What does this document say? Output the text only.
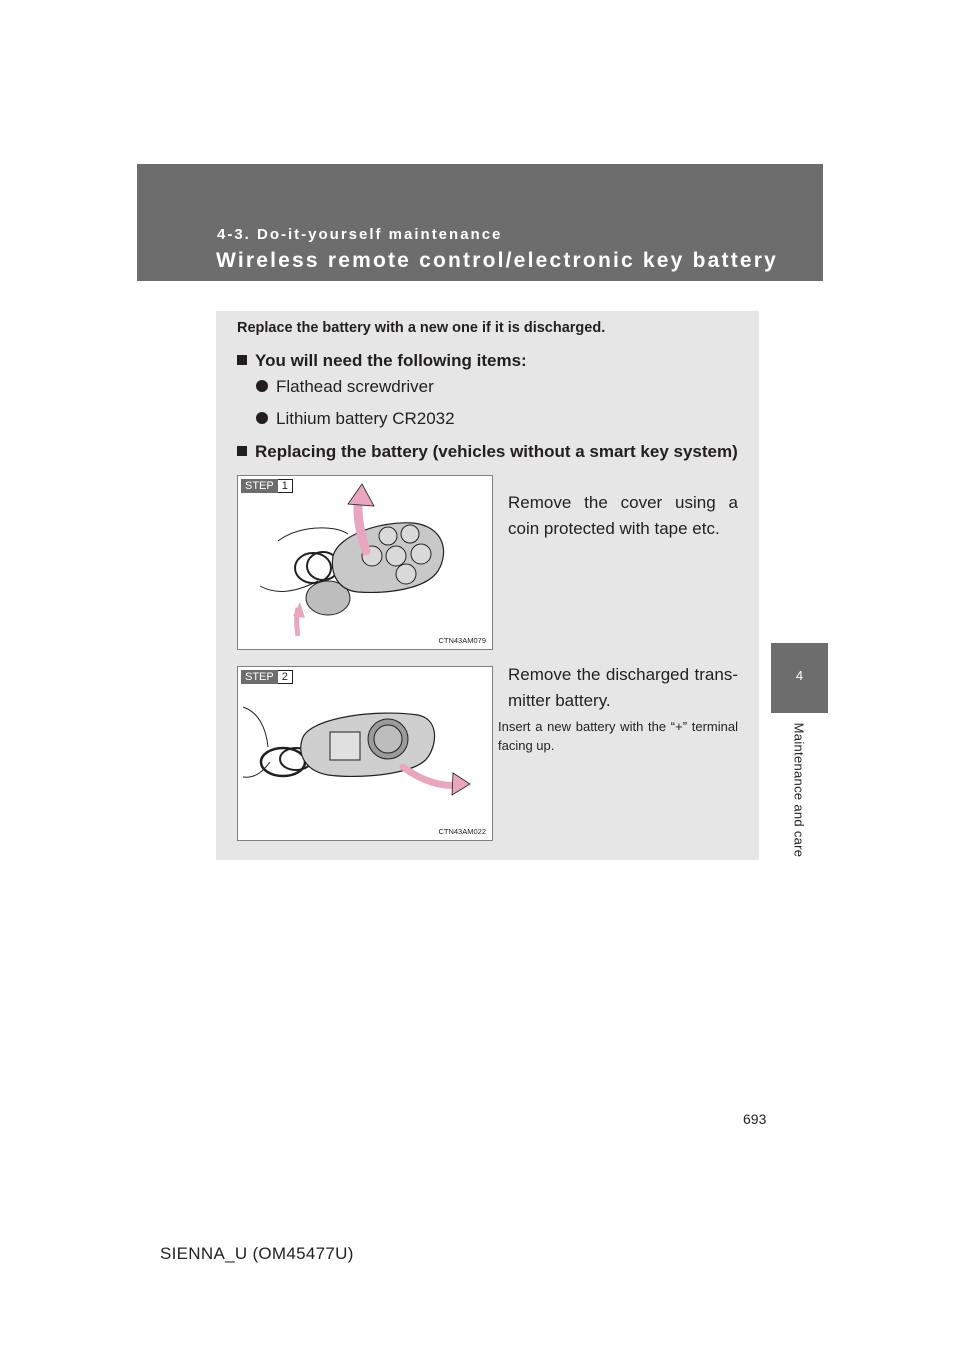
4-3. Do-it-yourself maintenance
Wireless remote control/electronic key battery
4
Maintenance and care
Replace the battery with a new one if it is discharged.
You will need the following items:
Flathead screwdriver
Lithium battery CR2032
Replacing the battery (vehicles without a smart key system)
STEP 1
CTN43AM079
Remove the cover using a coin protected with tape etc.
STEP 2
CTN43AM022
Remove the discharged trans-mitter battery.
Insert a new battery with the “+” terminal facing up.
693
SIENNA_U (OM45477U)
